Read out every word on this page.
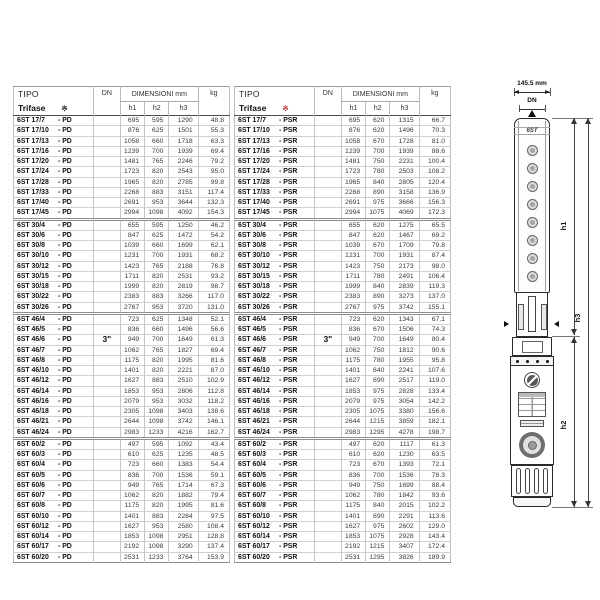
TIPO	DN	DIMENSIONI mm			kg
Trifase ※		h1	h2	h3	
6ST 17/7 - PD		695	595	1290	48.8
6ST 17/10 - PD		876	625	1501	55.3
6ST 17/13 - PD		1058	660	1718	63.3
6ST 17/16 - PD		1239	700	1939	69.4
6ST 17/20 - PD		1481	765	2246	79.2
6ST 17/24 - PD		1723	820	2543	95.0
6ST 17/28 - PD		1965	820	2785	99.8
6ST 17/33 - PD		2268	883	3151	117.4
6ST 17/40 - PD		2691	953	3644	132.3
6ST 17/45 - PD		2994	1098	4092	154.3
6ST 30/4 - PD		655	595	1250	46.2
6ST 30/6 - PD		847	625	1472	54.2
6ST 30/8 - PD		1039	660	1699	62.1
6ST 30/10 - PD		1231	700	1931	68.2
6ST 30/12 - PD		1423	765	2188	76.8
6ST 30/15 - PD		1711	820	2531	93.2
6ST 30/18 - PD		1999	820	2819	98.7
6ST 30/22 - PD		2383	883	3266	117.0
6ST 30/26 - PD		2767	953	3720	131.0
6ST 46/4 - PD		723	625	1348	52.1
6ST 46/5 - PD		836	660	1496	56.6
6ST 46/6 - PD	3"	949	700	1649	61.3
6ST 46/7 - PD		1062	765	1827	69.4
6ST 46/8 - PD		1175	820	1995	81.6
6ST 46/10 - PD		1401	820	2221	87.0
6ST 46/12 - PD		1627	883	2510	102.9
6ST 46/14 - PD		1853	953	2806	112.8
6ST 46/16 - PD		2079	953	3032	118.2
6ST 46/18 - PD		2305	1098	3403	138.6
6ST 46/21 - PD		2644	1098	3742	146.1
6ST 46/24 - PD		2983	1233	4216	162.7
6ST 60/2 - PD		497	595	1092	43.4
6ST 60/3 - PD		610	625	1235	48.5
6ST 60/4 - PD		723	660	1383	54.4
6ST 60/5 - PD		836	700	1536	59.1
6ST 60/6 - PD		949	765	1714	67.3
6ST 60/7 - PD		1062	820	1882	79.4
6ST 60/8 - PD		1175	820	1995	81.6
6ST 60/10 - PD		1401	883	2284	97.5
6ST 60/12 - PD		1627	953	2580	108.4
6ST 60/14 - PD		1853	1098	2951	128.8
6ST 60/17 - PD		2192	1098	3290	137.4
6ST 60/20 - PD		2531	1233	3764	153.9
TIPO	DN	DIMENSIONI mm			kg
Trifase ※		h1	h2	h3	
6ST 17/7 - PSR		695	620	1315	66.7
6ST 17/10 - PSR		876	620	1496	70.3
6ST 17/13 - PSR		1058	670	1728	81.0
6ST 17/16 - PSR		1239	700	1939	88.6
6ST 17/20 - PSR		1481	750	2231	100.4
6ST 17/24 - PSR		1723	780	2503	108.2
6ST 17/28 - PSR		1965	840	2805	120.4
6ST 17/33 - PSR		2268	890	3158	136.9
6ST 17/40 - PSR		2691	975	3666	156.3
6ST 17/45 - PSR		2994	1075	4069	172.3
6ST 30/4 - PSR		655	620	1275	65.5
6ST 30/6 - PSR		847	620	1467	69.2
6ST 30/8 - PSR		1039	670	1709	79.8
6ST 30/10 - PSR		1231	700	1931	87.4
6ST 30/12 - PSR		1423	750	2173	98.0
6ST 30/15 - PSR		1711	780	2491	106.4
6ST 30/18 - PSR		1999	840	2839	119.3
6ST 30/22 - PSR		2383	890	3273	137.0
6ST 30/26 - PSR		2767	975	3742	155.1
6ST 46/4 - PSR		723	620	1343	67.1
6ST 46/5 - PSR		836	670	1506	74.3
6ST 46/6 - PSR	3"	949	700	1649	80.4
6ST 46/7 - PSR		1062	750	1812	90.6
6ST 46/8 - PSR		1175	780	1955	95.8
6ST 46/10 - PSR		1401	840	2241	107.6
6ST 46/12 - PSR		1627	890	2517	119.0
6ST 46/14 - PSR		1853	975	2828	133.4
6ST 46/16 - PSR		2079	975	3054	142.2
6ST 46/18 - PSR		2305	1075	3380	156.6
6ST 46/21 - PSR		2644	1215	3859	182.1
6ST 46/24 - PSR		2983	1295	4278	198.7
6ST 60/2 - PSR		497	620	1117	61.3
6ST 60/3 - PSR		610	620	1230	63.5
6ST 60/4 - PSR		723	670	1393	72.1
6ST 60/5 - PSR		836	700	1536	78.3
6ST 60/6 - PSR		949	750	1699	88.4
6ST 60/7 - PSR		1062	780	1842	93.6
6ST 60/8 - PSR		1175	840	2015	102.2
6ST 60/10 - PSR		1401	890	2291	113.6
6ST 60/12 - PSR		1627	975	2602	129.0
6ST 60/14 - PSR		1853	1075	2928	143.4
6ST 60/17 - PSR		2192	1215	3407	172.4
6ST 60/20 - PSR		2531	1295	3826	189.9
145.5 mm
DN
6ST
h1
h2
h3
